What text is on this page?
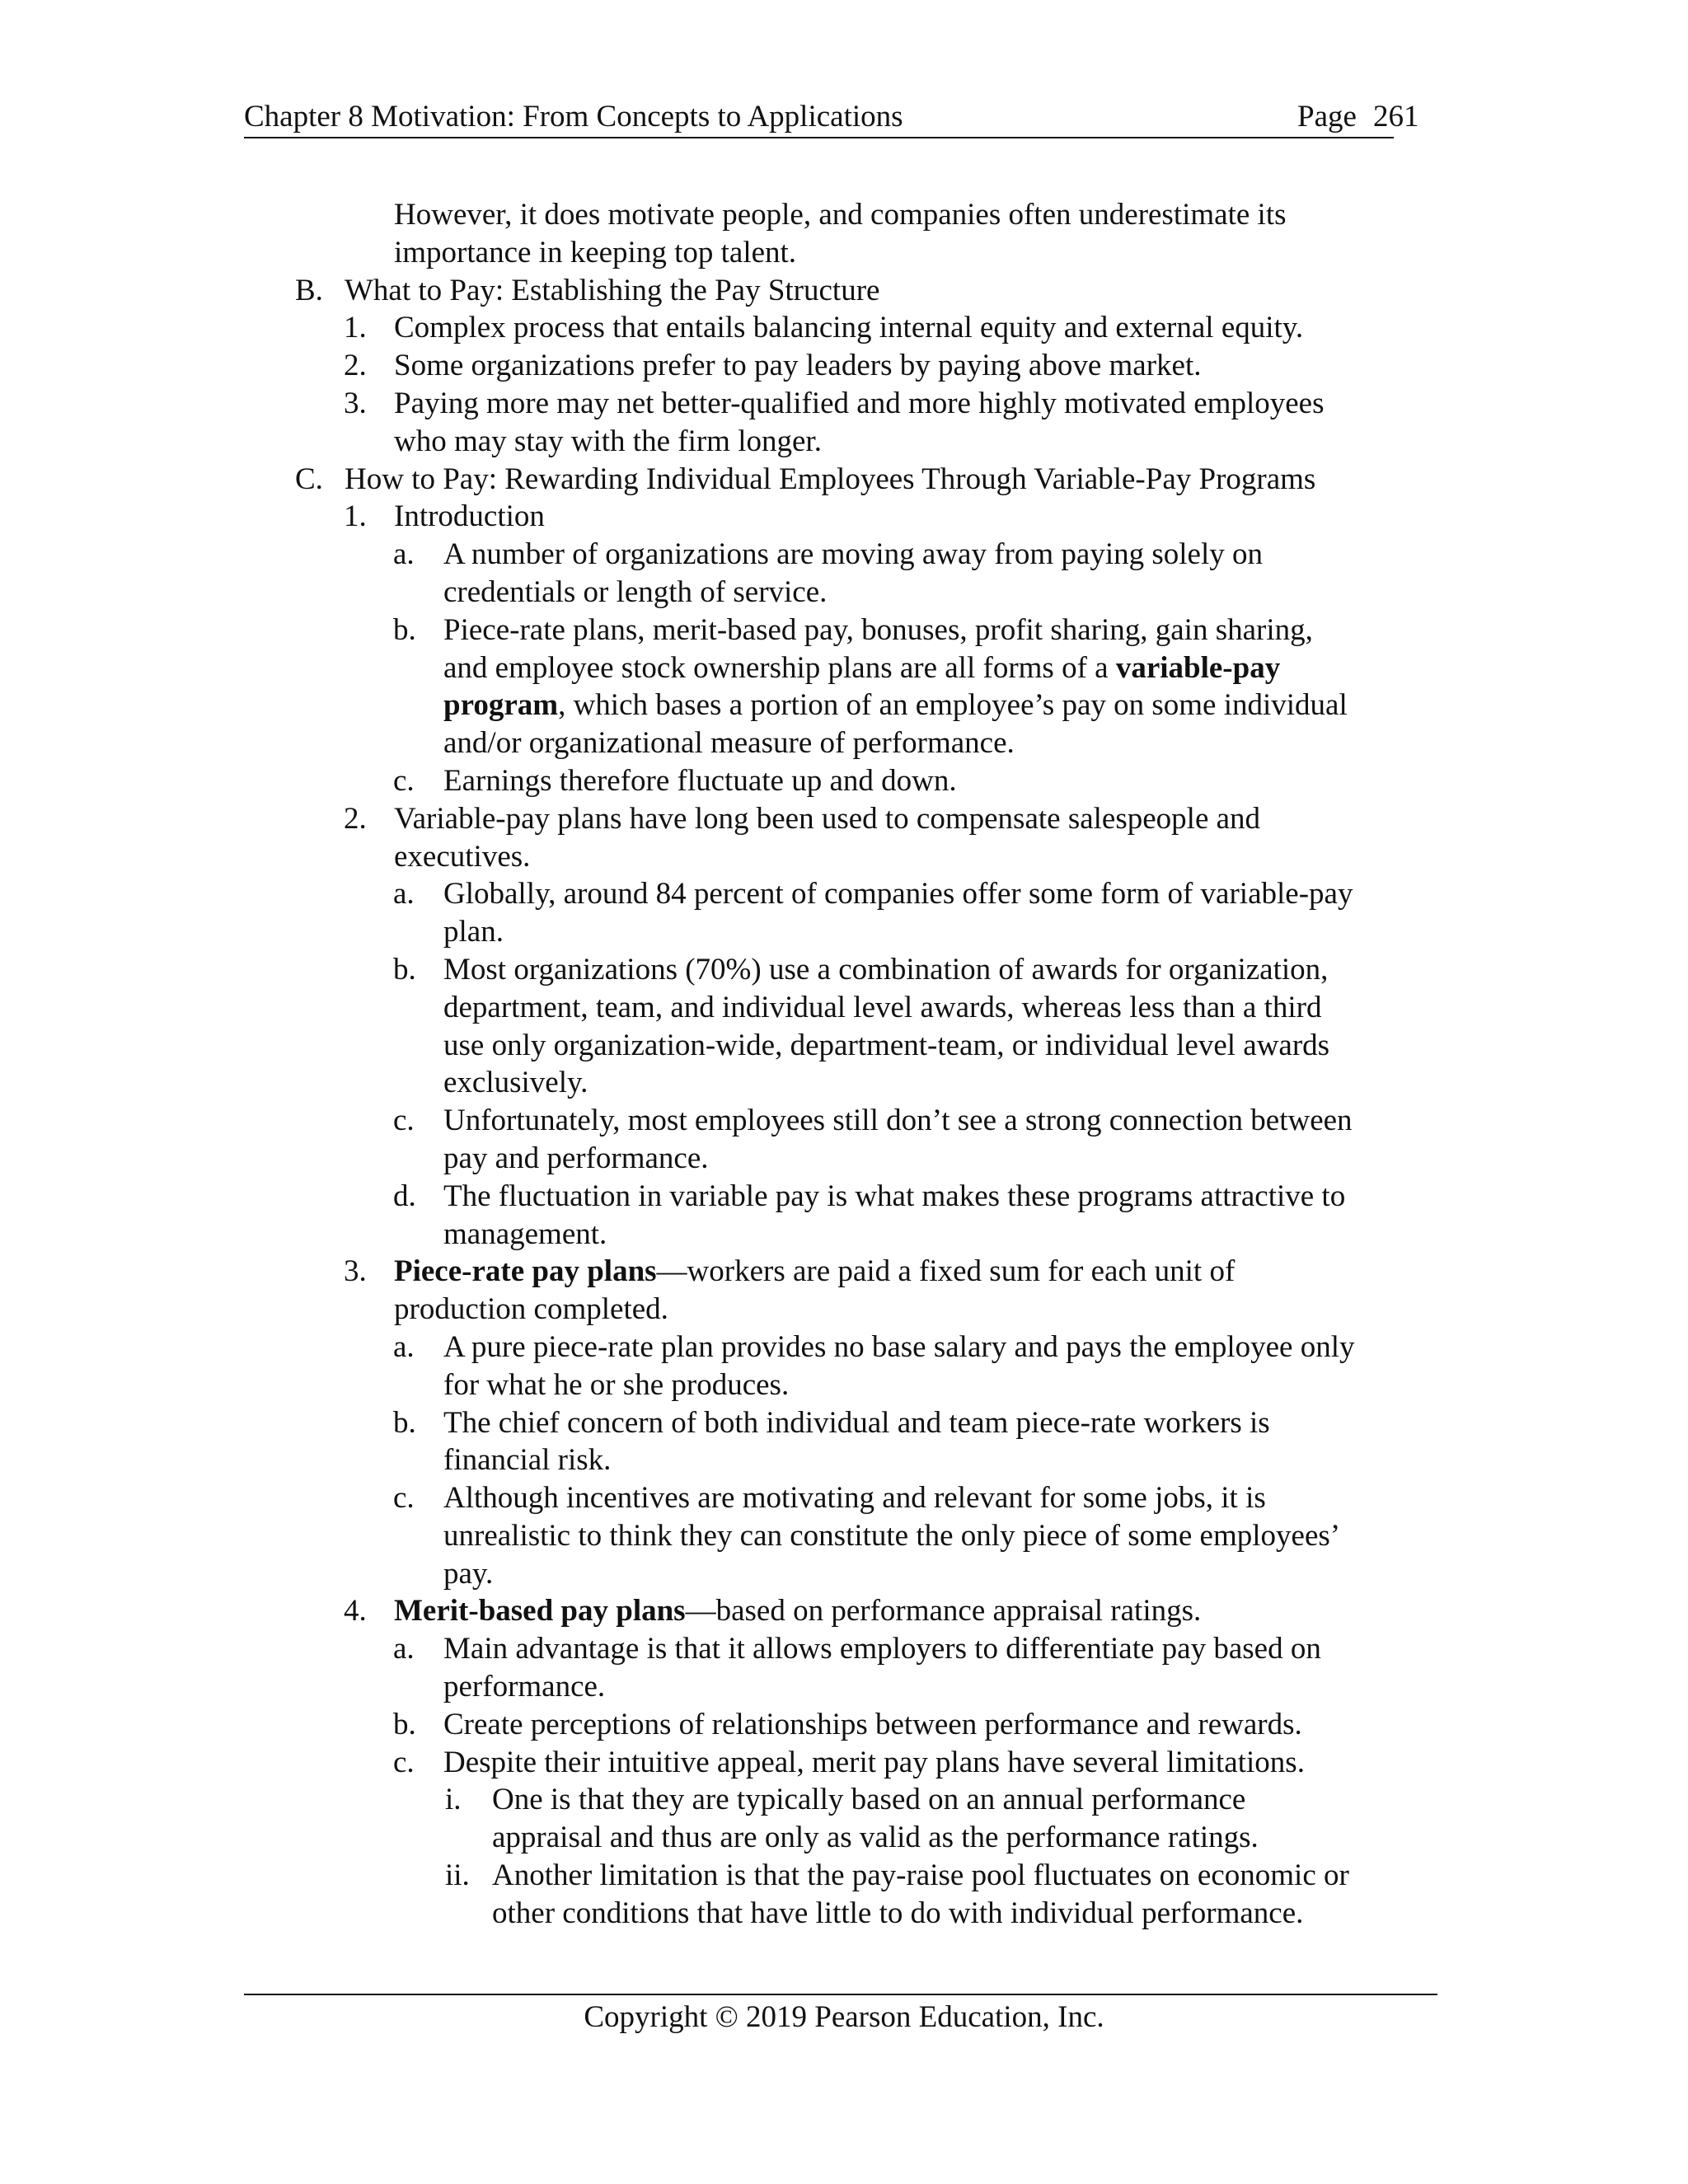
Chapter 8 Motivation: From Concepts to Applications	Page 261
However, it does motivate people, and companies often underestimate its
importance in keeping top talent.
B. What to Pay: Establishing the Pay Structure
1. Complex process that entails balancing internal equity and external equity.
2. Some organizations prefer to pay leaders by paying above market.
3. Paying more may net better-qualified and more highly motivated employees
who may stay with the firm longer.
C. How to Pay: Rewarding Individual Employees Through Variable-Pay Programs
1. Introduction
a. A number of organizations are moving away from paying solely on
credentials or length of service.
b. Piece-rate plans, merit-based pay, bonuses, profit sharing, gain sharing,
and employee stock ownership plans are all forms of a variable-pay
program, which bases a portion of an employee’s pay on some individual
and/or organizational measure of performance.
c. Earnings therefore fluctuate up and down.
2. Variable-pay plans have long been used to compensate salespeople and
executives.
a. Globally, around 84 percent of companies offer some form of variable-pay
plan.
b. Most organizations (70%) use a combination of awards for organization,
department, team, and individual level awards, whereas less than a third
use only organization-wide, department-team, or individual level awards
exclusively.
c. Unfortunately, most employees still don’t see a strong connection between
pay and performance.
d. The fluctuation in variable pay is what makes these programs attractive to
management.
3. Piece-rate pay plans—workers are paid a fixed sum for each unit of
production completed.
a. A pure piece-rate plan provides no base salary and pays the employee only
for what he or she produces.
b. The chief concern of both individual and team piece-rate workers is
financial risk.
c. Although incentives are motivating and relevant for some jobs, it is
unrealistic to think they can constitute the only piece of some employees’
pay.
4. Merit-based pay plans—based on performance appraisal ratings.
a. Main advantage is that it allows employers to differentiate pay based on
performance.
b. Create perceptions of relationships between performance and rewards.
c. Despite their intuitive appeal, merit pay plans have several limitations.
i. One is that they are typically based on an annual performance
appraisal and thus are only as valid as the performance ratings.
ii. Another limitation is that the pay-raise pool fluctuates on economic or
other conditions that have little to do with individual performance.
Copyright © 2019 Pearson Education, Inc.
